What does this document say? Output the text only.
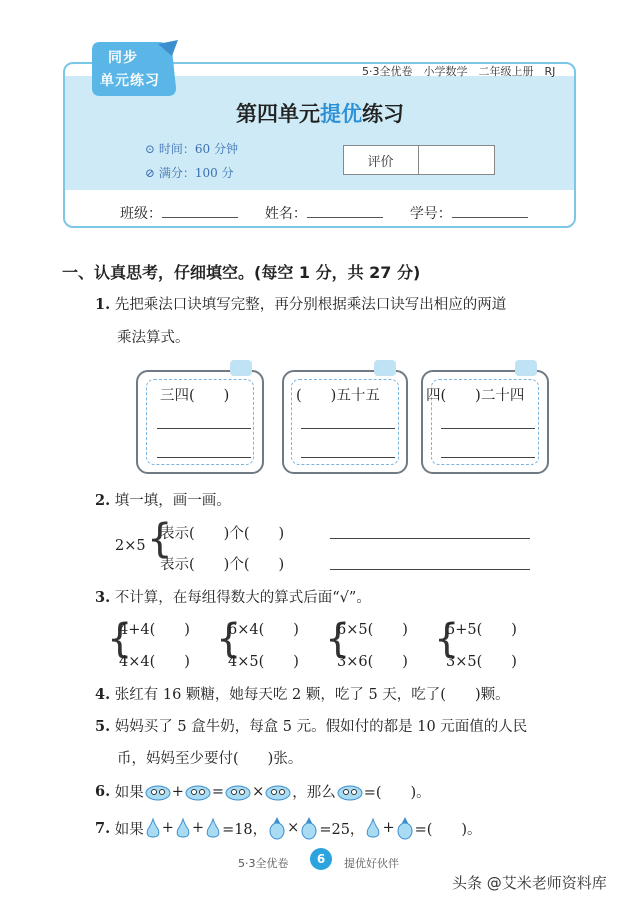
同步
单元练习
5·3全优卷　小学数学　二年级上册　RJ
第四单元提优练习
⊙ 时间：60 分钟
⊘ 满分：100 分
评价
班级：	姓名：	学号：
一、认真思考，仔细填空。(每空 1 分，共 27 分)
1. 先把乘法口诀填写完整，再分别根据乘法口诀写出相应的两道
乘法算式。
三四(　　)	(　　)五十五	四(　　)二十四
2. 填一填，画一画。
2×5 {
表示(　　)个(　　)
表示(　　)个(　　)
3. 不计算，在每组得数大的算式后面“√”。
{
4+4(　　)
4×4(　　) {
6×4(　　)
4×5(　　) {
6×5(　　)
3×6(　　) {
5+5(　　)
3×5(　　)
4. 张红有 16 颗糖，她每天吃 2 颗，吃了 5 天，吃了(　　)颗。
5. 妈妈买了 5 盒牛奶，每盒 5 元。假如付的都是 10 元面值的人民
币，妈妈至少要付(　　)张。
6.
如果 + = × ，那么 =(　　)。
7.
如果 + + =18， × =25， + =(　　)。
5·3全优卷	6	提优好伙伴
头条 @艾米老师资料库
